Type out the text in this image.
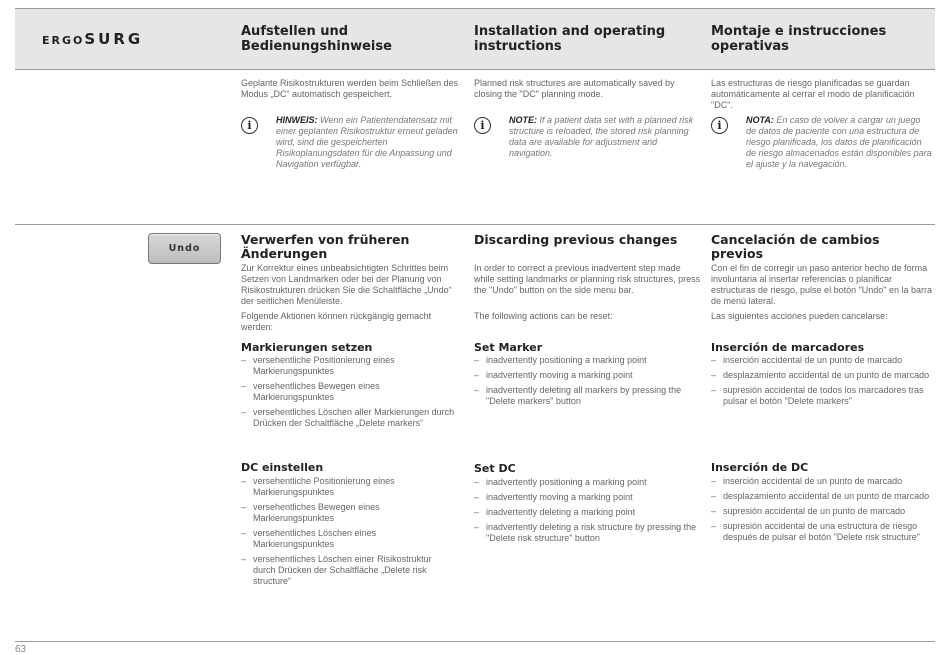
ERGOSURG	Aufstellen und
Bedienungshinweise
Installation and operating
instructions
Montaje e instrucciones
operativas
Geplante Risikostrukturen werden beim Schließen des Modus „DC“ automatisch gespeichert.
Planned risk structures are automatically saved by closing the "DC" planning mode.
Las estructuras de riesgo planificadas se guardan automáticamente al cerrar el modo de planificación "DC".
i	HINWEIS: Wenn ein Patientendatensatz mit einer geplanten Risikostruktur erneut geladen wird, sind die gespeicherten Risikoplanungsdaten für die Anpassung und Navigation verfügbar.
i	NOTE: If a patient data set with a planned risk structure is reloaded, the stored risk planning data are available for adjustment and navigation.
i	NOTA: En caso de volver a cargar un juego de datos de paciente con una estructura de riesgo planificada, los datos de planificación de riesgo almacenados están disponibles para el ajuste y la navegación.
Undo
Verwerfen von früheren
Änderungen
Discarding previous changes	Cancelación de cambios previos
Zur Korrektur eines unbeabsichtigten Schrittes beim Setzen von Landmarken oder bei der Planung von Risikostrukturen drücken Sie die Schaltfläche „Undo“ der seitlichen Menüleiste.
Folgende Aktionen können rückgängig gemacht werden:
In order to correct a previous inadvertent step made while setting landmarks or planning risk structures, press the "Undo" button on the side menu bar.
The following actions can be reset:
Con el fin de corregir un paso anterior hecho de forma involuntaria al insertar referencias o planificar estructuras de riesgo, pulse el botón "Undo" en la barra de menú lateral.
Las siguientes acciones pueden cancelarse:
Markierungen setzen	Set Marker	Inserción de marcadores
– versehentliche Positionierung eines Markierungspunktes
– versehentliches Bewegen eines Markierungspunktes
– versehentliches Löschen aller Markierungen durch Drücken der Schaltfläche „Delete markers“
– inadvertently positioning a marking point
– inadvertently moving a marking point
– inadvertently deleting all markers by pressing the "Delete markers" button
– inserción accidental de un punto de marcado
– desplazamiento accidental de un punto de marcado
– supresión accidental de todos los marcadores tras pulsar el botón "Delete markers"
DC einstellen	Set DC	Inserción de DC
– versehentliche Positionierung eines Markierungspunktes
– versehentliches Bewegen eines Markierungspunktes
– versehentliches Löschen eines Markierungspunktes
– versehentliches Löschen einer Risikostruktur durch Drücken der Schaltfläche „Delete risk structure“
– inadvertently positioning a marking point
– inadvertently moving a marking point
– inadvertently deleting a marking point
– inadvertently deleting a risk structure by pressing the "Delete risk structure" button
– inserción accidental de un punto de marcado
– desplazamiento accidental de un punto de marcado
– supresión accidental de un punto de marcado
– supresión accidental de una estructura de riesgo después de pulsar el botón "Delete risk structure"
63
